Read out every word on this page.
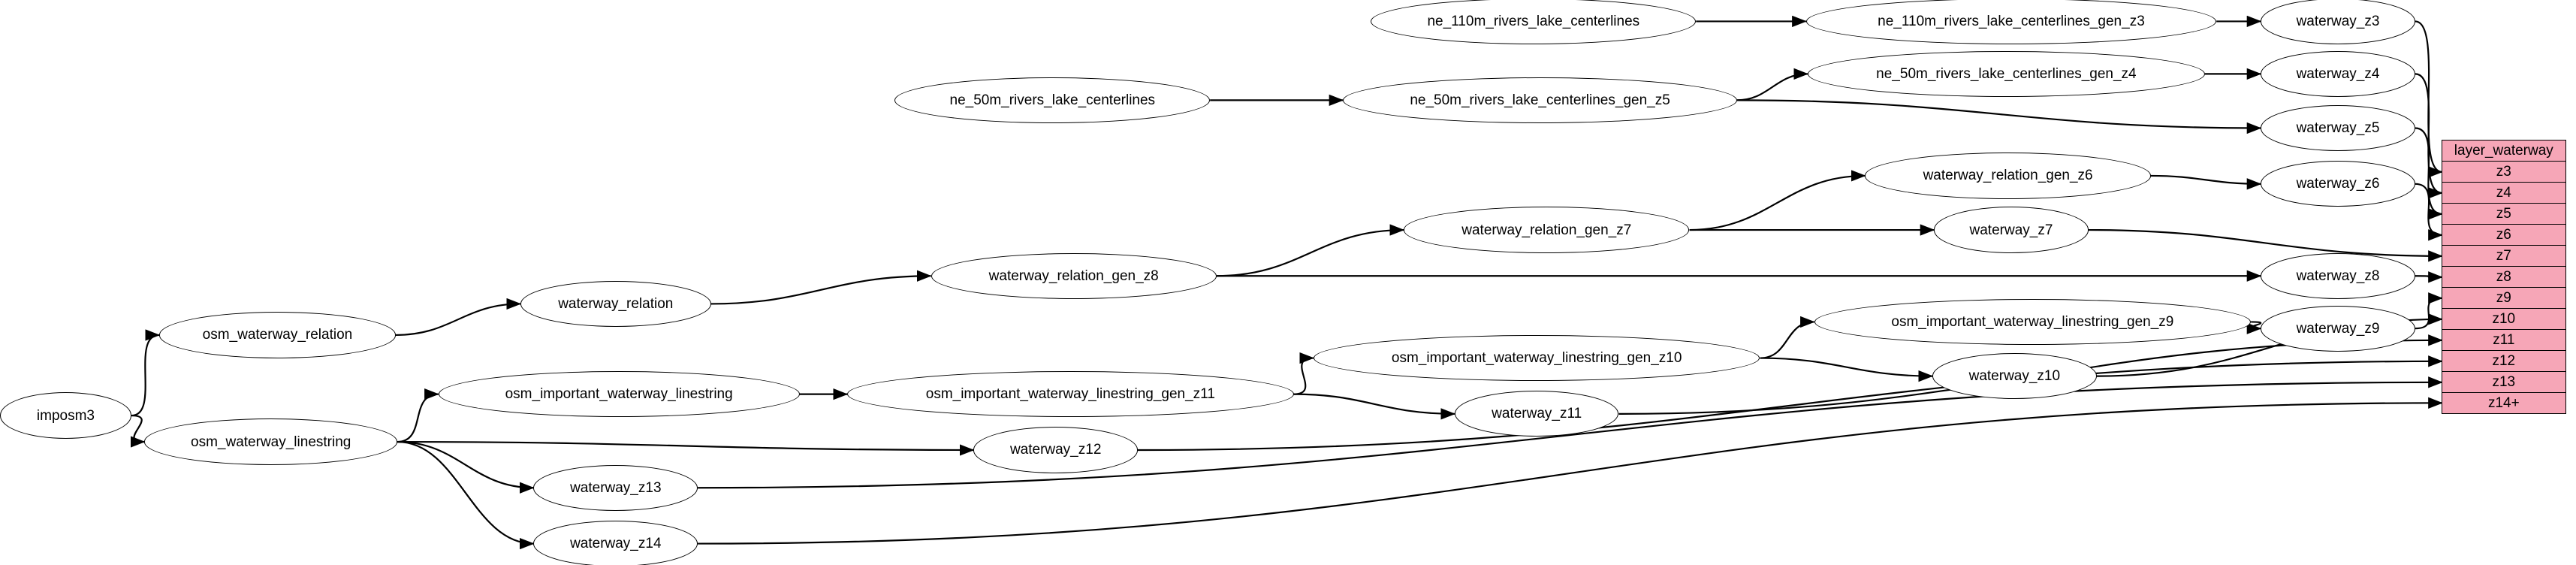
imposm3
osm_waterway_relation
osm_waterway_linestring
waterway_relation
osm_important_waterway_linestring
waterway_z13
waterway_z14
waterway_relation_gen_z8
osm_important_waterway_linestring_gen_z11
waterway_z12
ne_50m_rivers_lake_centerlines
ne_110m_rivers_lake_centerlines
ne_50m_rivers_lake_centerlines_gen_z5
waterway_relation_gen_z7
osm_important_waterway_linestring_gen_z10
waterway_z11
ne_110m_rivers_lake_centerlines_gen_z3
ne_50m_rivers_lake_centerlines_gen_z4
waterway_relation_gen_z6
waterway_z7
osm_important_waterway_linestring_gen_z9
waterway_z10
waterway_z3
waterway_z4
waterway_z5
waterway_z6
waterway_z8
waterway_z9
layer_waterway
z3
z4
z5
z6
z7
z8
z9
z10
z11
z12
z13
z14+
